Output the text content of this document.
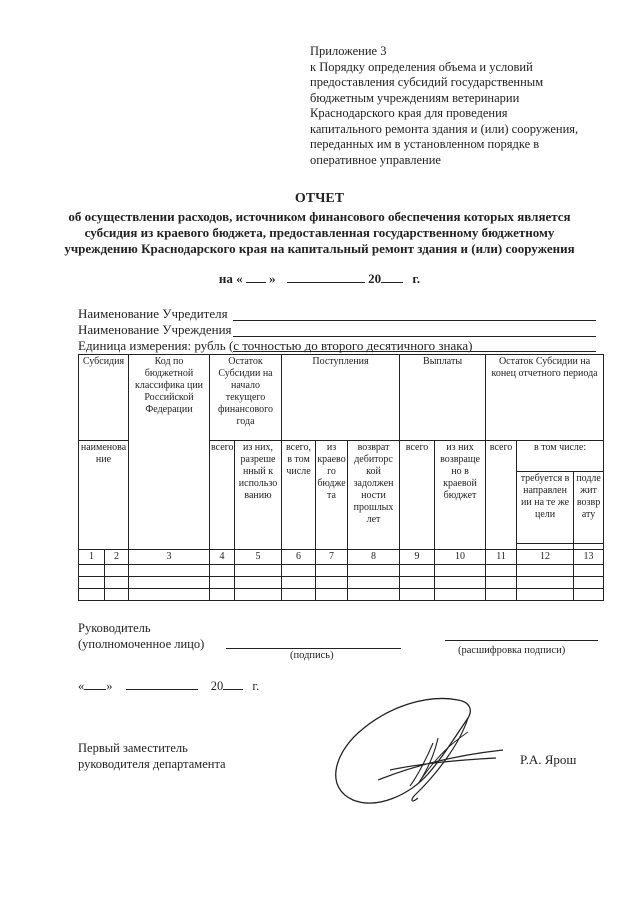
Приложение 3
к Порядку определения объема и условий
предоставления субсидий государственным
бюджетным учреждениям ветеринарии
Краснодарского края для проведения
капитального ремонта здания и (или) сооружения,
переданных им в установленном порядке в
оперативное управление
ОТЧЕТ
об осуществлении расходов, источником финансового обеспечения которых является
субсидия из краевого бюджета, предоставленная государственному бюджетному
учреждению Краснодарского края на капитальный ремонт здания и (или) сооружения
на « »	20 г.
Наименование Учредителя
Наименование Учреждения
Единица измерения: рубль (с точностью до второго десятичного знака)
Субсидия		Код по бюджетной классифика ции Российской Федерации	Остаток Субсидии на начало текущего финансового года		Поступления			Выплаты		Остаток Субсидии на конец отчетного периода		
наименова ние			всего	из них, разреше нный к использо ванию	всего, в том числе	из краево го бюдже та	возврат дебиторс кой задолжен ности прошлых лет	всего	из них возвраще но в краевой бюджет	всего	в том числе:	
											требуется в направлен ии на те же цели	подле жит возвр ату

1	2	3	4	5	6	7	8	9	10	11	12	13

Руководитель
(уполномоченное лицо)
(подпись)	(расшифровка подписи)
« »	20 г.
Первый заместитель
руководителя департамента	Р.А. Ярош
